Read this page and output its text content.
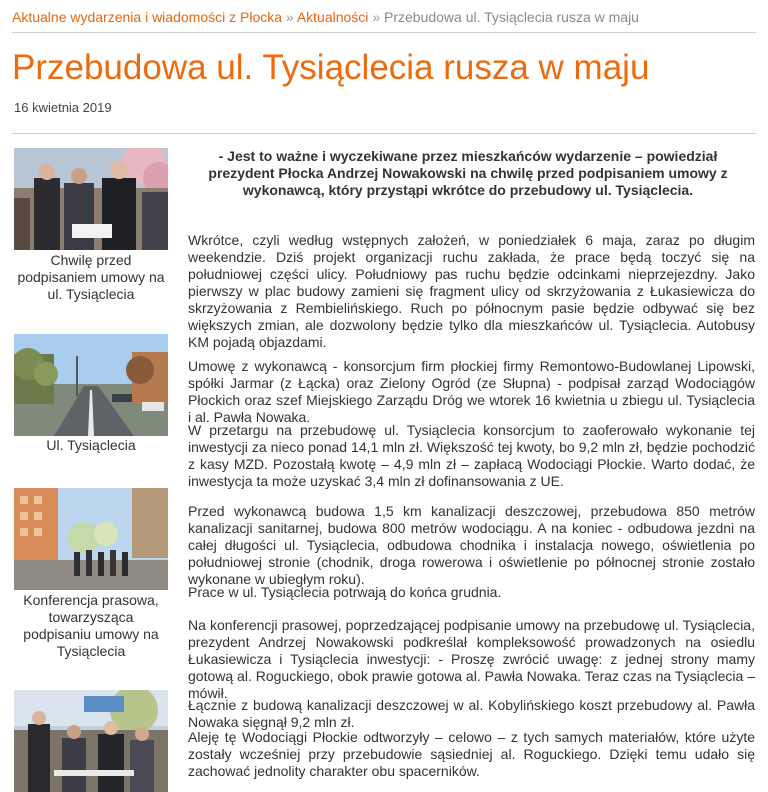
Aktualne wydarzenia i wiadomości z Płocka » Aktualności » Przebudowa ul. Tysiąclecia rusza w maju
Przebudowa ul. Tysiąclecia rusza w maju
16 kwietnia 2019
Chwilę przed podpisaniem umowy na ul. Tysiąclecia
Ul. Tysiąclecia
Konferencja prasowa, towarzysząca podpisaniu umowy na Tysiąclecia

- Jest to ważne i wyczekiwane przez mieszkańców wydarzenie – powiedział prezydent Płocka Andrzej Nowakowski na chwilę przed podpisaniem umowy z wykonawcą, który przystąpi wkrótce do przebudowy ul. Tysiąclecia.

Wkrótce, czyli według wstępnych założeń, w poniedziałek 6 maja, zaraz po długim weekendzie. Dziś projekt organizacji ruchu zakłada, że prace będą toczyć się na południowej części ulicy. Południowy pas ruchu będzie odcinkami nieprzejezdny. Jako pierwszy w plac budowy zamieni się fragment ulicy od skrzyżowania z Łukasiewicza do skrzyżowania z Rembielińskiego. Ruch po północnym pasie będzie odbywać się bez większych zmian, ale dozwolony będzie tylko dla mieszkańców ul. Tysiąclecia. Autobusy KM pojadą objazdami.

Umowę z wykonawcą - konsorcjum firm płockiej firmy Remontowo-Budowlanej Lipowski, spółki Jarmar (z Łącka) oraz Zielony Ogród (ze Słupna) - podpisał zarząd Wodociągów Płockich oraz szef Miejskiego Zarządu Dróg we wtorek 16 kwietnia u zbiegu ul. Tysiąclecia i al. Pawła Nowaka.

W przetargu na przebudowę ul. Tysiąclecia konsorcjum to zaoferowało wykonanie tej inwestycji za nieco ponad 14,1 mln zł. Większość tej kwoty, bo 9,2 mln zł, będzie pochodzić z kasy MZD. Pozostałą kwotę – 4,9 mln zł – zapłacą Wodociągi Płockie. Warto dodać, że inwestycja ta może uzyskać 3,4 mln zł dofinansowania z UE.

Przed wykonawcą budowa 1,5 km kanalizacji deszczowej, przebudowa 850 metrów kanalizacji sanitarnej, budowa 800 metrów wodociągu. A na koniec - odbudowa jezdni na całej długości ul. Tysiąclecia, odbudowa chodnika i instalacja nowego, oświetlenia po południowej stronie (chodnik, droga rowerowa i oświetlenie po północnej stronie zostało wykonane w ubiegłym roku).

Prace w ul. Tysiąclecia potrwają do końca grudnia.

Na konferencji prasowej, poprzedzającej podpisanie umowy na przebudowę ul. Tysiąclecia, prezydent Andrzej Nowakowski podkreślał kompleksowość prowadzonych na osiedlu Łukasiewicza i Tysiąclecia inwestycji: - Proszę zwrócić uwagę: z jednej strony mamy gotową al. Roguckiego, obok prawie gotowa al. Pawła Nowaka. Teraz czas na Tysiąclecia – mówił.

Łącznie z budową kanalizacji deszczowej w al. Kobylińskiego koszt przebudowy al. Pawła Nowaka sięgnął 9,2 mln zł.

Aleję tę Wodociągi Płockie odtworzyły – celowo – z tych samych materiałów, które użyte zostały wcześniej przy przebudowie sąsiedniej al. Roguckiego. Dzięki temu udało się zachować jednolity charakter obu spacerników.
